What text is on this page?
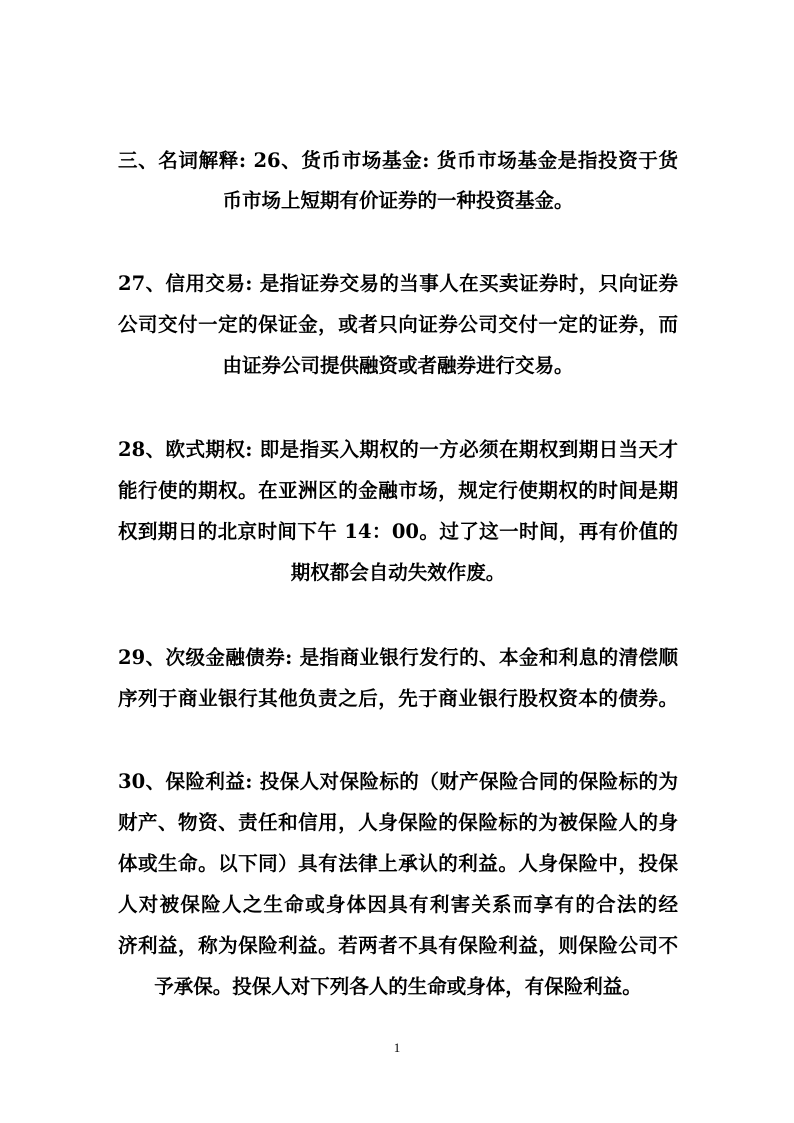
三、名词解释: 26、货币市场基金: 货币市场基金是指投资于货
币市场上短期有价证券的一种投资基金。
27、信用交易: 是指证券交易的当事人在买卖证券时，只向证券
公司交付一定的保证金，或者只向证券公司交付一定的证券，而
由证券公司提供融资或者融券进行交易。
28、欧式期权: 即是指买入期权的一方必须在期权到期日当天才
能行使的期权。在亚洲区的金融市场，规定行使期权的时间是期
权到期日的北京时间下午 14：00。过了这一时间，再有价值的
期权都会自动失效作废。
29、次级金融债券: 是指商业银行发行的、本金和利息的清偿顺
序列于商业银行其他负责之后，先于商业银行股权资本的债券。
30、保险利益: 投保人对保险标的（财产保险合同的保险标的为
财产、物资、责任和信用，人身保险的保险标的为被保险人的身
体或生命。以下同）具有法律上承认的利益。人身保险中，投保
人对被保险人之生命或身体因具有利害关系而享有的合法的经
济利益，称为保险利益。若两者不具有保险利益，则保险公司不
予承保。投保人对下列各人的生命或身体，有保险利益。
1
